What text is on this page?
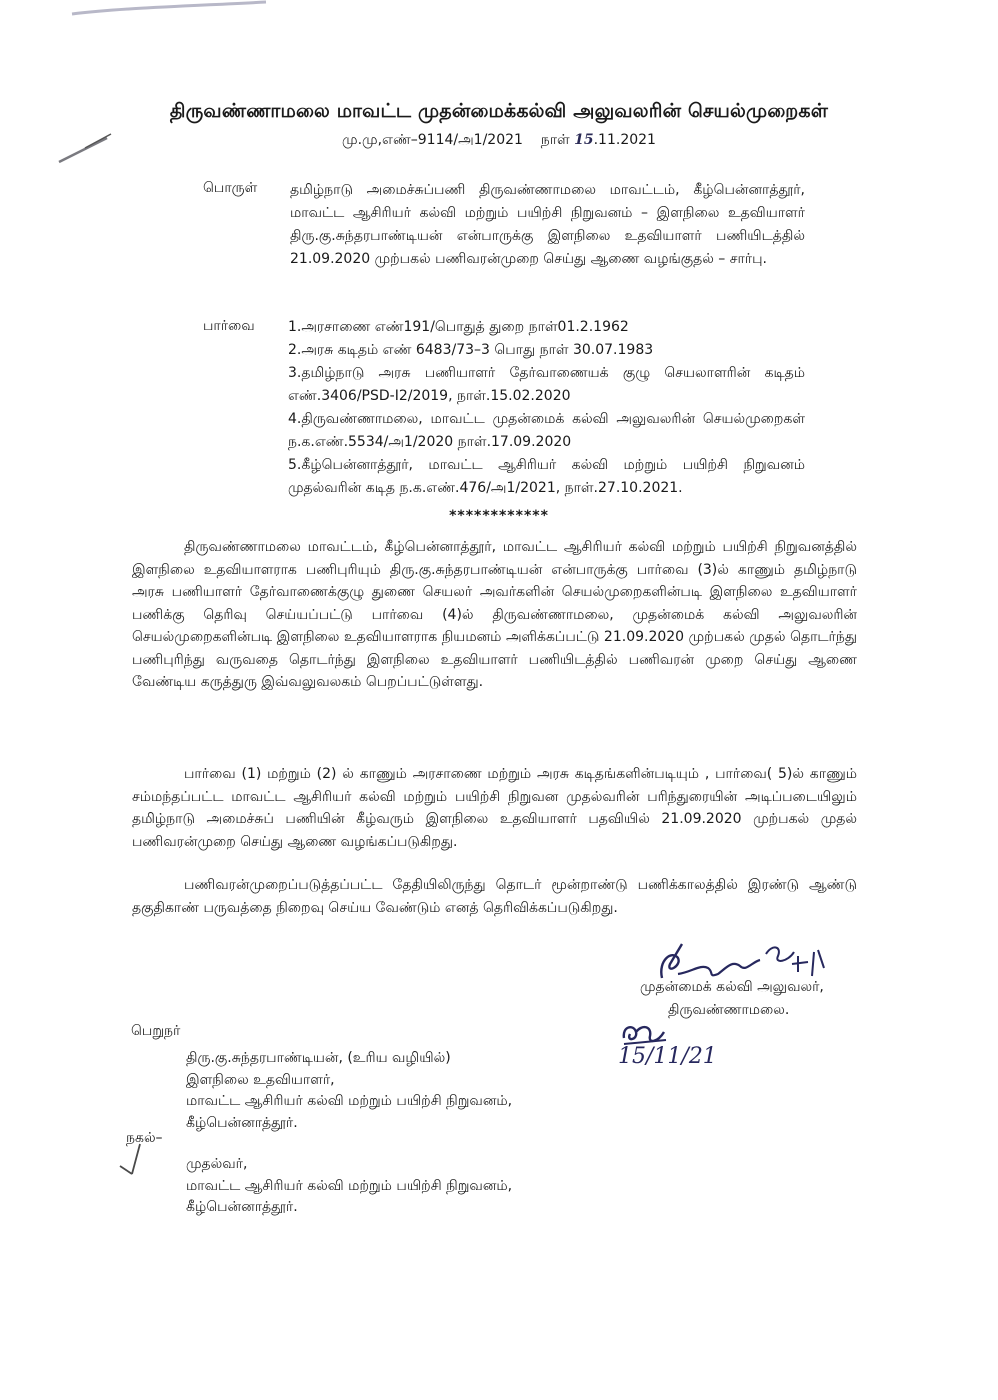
திருவண்ணாமலை மாவட்ட முதன்மைக்கல்வி அலுவலரின் செயல்முறைகள்
மு.மு,எண்–9114/அ1/2021 நாள் 15.11.2021
பொருள் தமிழ்நாடு அமைச்சுப்பணி திருவண்ணாமலை மாவட்டம், கீழ்பென்னாத்தூர், மாவட்ட ஆசிரியர் கல்வி மற்றும் பயிற்சி நிறுவனம் – இளநிலை உதவியாளர் திரு.கு.சுந்தரபாண்டியன் என்பாருக்கு இளநிலை உதவியாளர் பணியிடத்தில் 21.09.2020 முற்பகல் பணிவரன்முறை செய்து ஆணை வழங்குதல் – சார்பு.
பார்வை 1.அரசாணை எண்191/பொதுத் துறை நாள்01.2.1962
2.அரசு கடிதம் எண் 6483/73–3 பொது நாள் 30.07.1983
3.தமிழ்நாடு அரசு பணியாளர் தேர்வாணையக் குழு செயலாளரின் கடிதம் எண்.3406/PSD-I2/2019, நாள்.15.02.2020
4.திருவண்ணாமலை, மாவட்ட முதன்மைக் கல்வி அலுவலரின் செயல்முறைகள் ந.க.எண்.5534/அ1/2020 நாள்.17.09.2020
5.கீழ்பென்னாத்தூர், மாவட்ட ஆசிரியர் கல்வி மற்றும் பயிற்சி நிறுவனம் முதல்வரின் கடித ந.க.எண்.476/அ1/2021, நாள்.27.10.2021.
************
திருவண்ணாமலை மாவட்டம், கீழ்பென்னாத்தூர், மாவட்ட ஆசிரியர் கல்வி மற்றும் பயிற்சி நிறுவனத்தில் இளநிலை உதவியாளராக பணிபுரியும் திரு.கு.சுந்தரபாண்டியன் என்பாருக்கு பார்வை (3)ல் காணும் தமிழ்நாடு அரசு பணியாளர் தேர்வாணைக்குழு துணை செயலர் அவர்களின் செயல்முறைகளின்படி இளநிலை உதவியாளர் பணிக்கு தெரிவு செய்யப்பட்டு பார்வை (4)ல் திருவண்ணாமலை, முதன்மைக் கல்வி அலுவலரின் செயல்முறைகளின்படி இளநிலை உதவியாளராக நியமனம் அளிக்கப்பட்டு 21.09.2020 முற்பகல் முதல் தொடர்ந்து பணிபுரிந்து வருவதை தொடர்ந்து இளநிலை உதவியாளர் பணியிடத்தில் பணிவரன் முறை செய்து ஆணை வேண்டிய கருத்துரு இவ்வலுவலகம் பெறப்பட்டுள்ளது.
பார்வை (1) மற்றும் (2) ல் காணும் அரசாணை மற்றும் அரசு கடிதங்களின்படியும் , பார்வை( 5)ல் காணும் சம்மந்தப்பட்ட மாவட்ட ஆசிரியர் கல்வி மற்றும் பயிற்சி நிறுவன முதல்வரின் பரிந்துரையின் அடிப்படையிலும் தமிழ்நாடு அமைச்சுப் பணியின் கீழ்வரும் இளநிலை உதவியாளர் பதவியில் 21.09.2020 முற்பகல் முதல் பணிவரன்முறை செய்து ஆணை வழங்கப்படுகிறது.
பணிவரன்முறைப்படுத்தப்பட்ட தேதியிலிருந்து தொடர் மூன்றாண்டு பணிக்காலத்தில் இரண்டு ஆண்டு தகுதிகாண் பருவத்தை நிறைவு செய்ய வேண்டும் எனத் தெரிவிக்கப்படுகிறது.
முதன்மைக் கல்வி அலுவலர்,
திருவண்ணாமலை.
15/11/21
பெறுநர்
திரு.கு.சுந்தரபாண்டியன், (உரிய வழியில்)
இளநிலை உதவியாளர்,
மாவட்ட ஆசிரியர் கல்வி மற்றும் பயிற்சி நிறுவனம்,
கீழ்பென்னாத்தூர்.
நகல்–
முதல்வர்,
மாவட்ட ஆசிரியர் கல்வி மற்றும் பயிற்சி நிறுவனம்,
கீழ்பென்னாத்தூர்.
